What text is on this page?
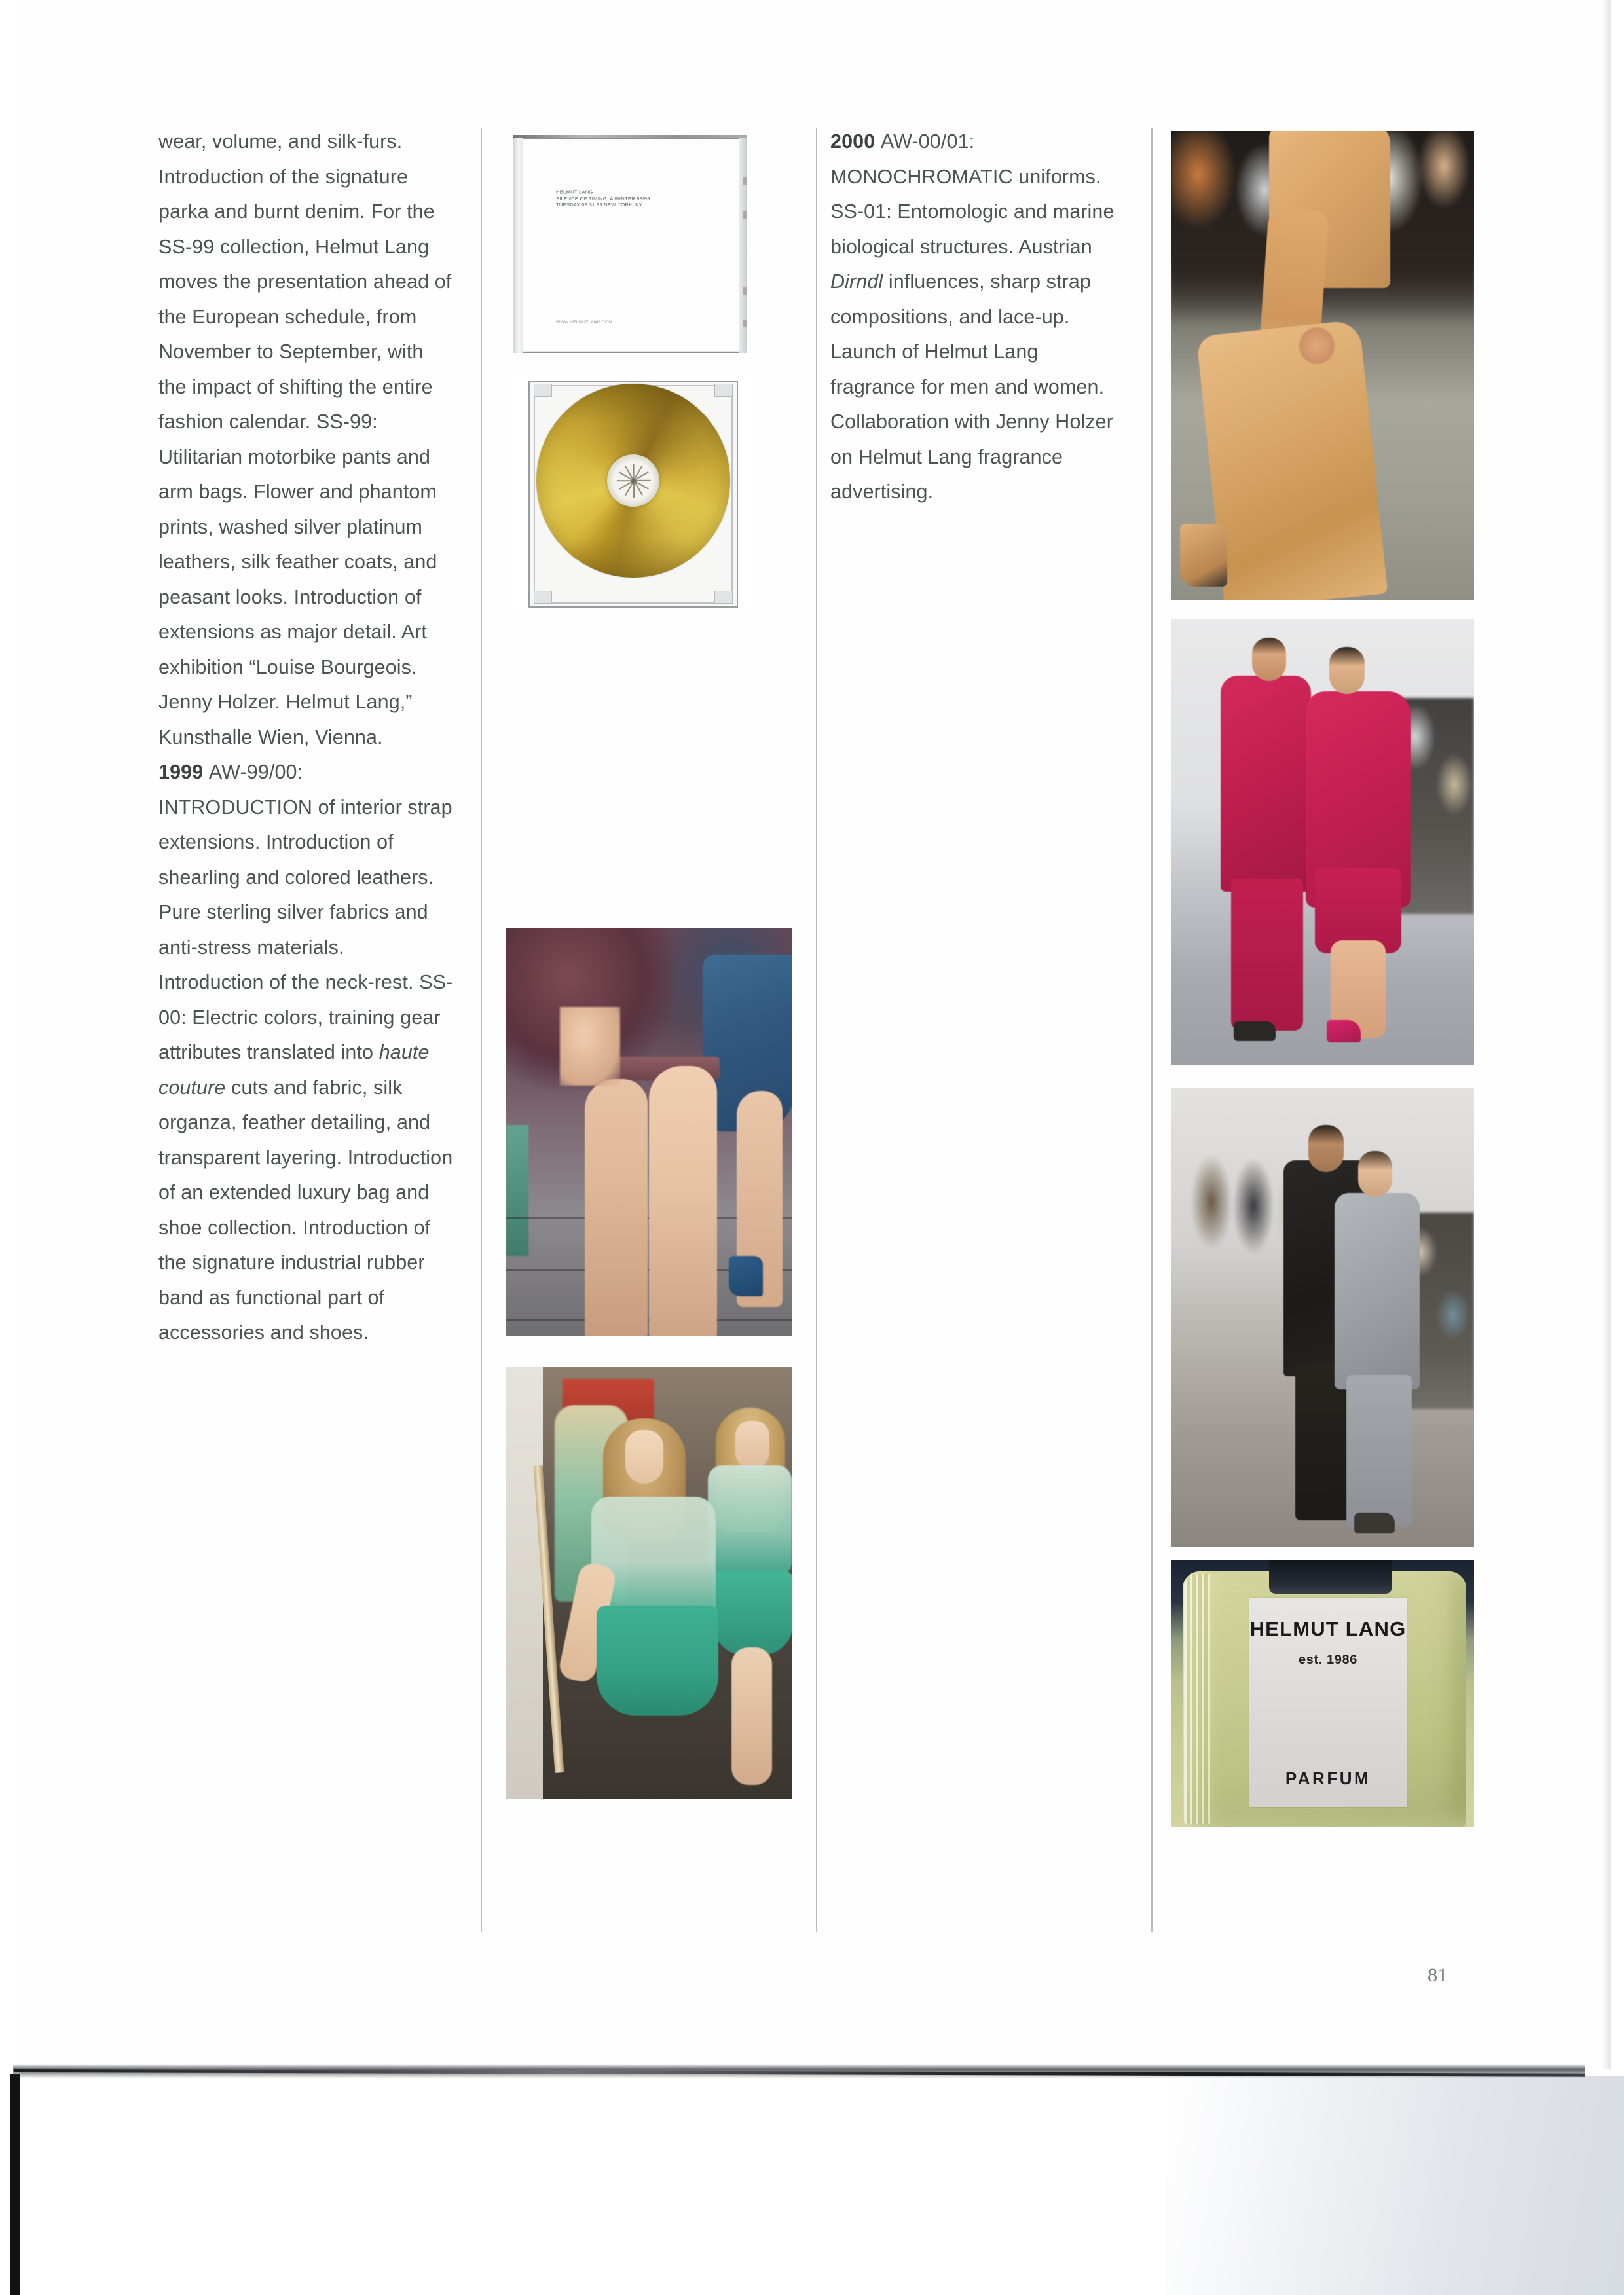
wear, volume, and silk-furs. Introduction of the signature parka and burnt denim. For the SS-99 collection, Helmut Lang moves the presentation ahead of the European schedule, from November to September, with the impact of shifting the entire fashion calendar. SS-99: Utilitarian motorbike pants and arm bags. Flower and phantom prints, washed silver platinum leathers, silk feather coats, and peasant looks. Introduction of extensions as major detail. Art exhibition “Louise Bourgeois. Jenny Holzer. Helmut Lang,” Kunsthalle Wien, Vienna. 1999 AW-99/00: INTRODUCTION of interior strap extensions. Introduction of shearling and colored leathers. Pure sterling silver fabrics and anti-stress materials. Introduction of the neck-rest. SS-00: Electric colors, training gear attributes translated into haute couture cuts and fabric, silk organza, feather detailing, and transparent layering. Introduction of an extended luxury bag and shoe collection. Introduction of the signature industrial rubber band as functional part of accessories and shoes.
HELMUT LANG
SILENCE OF TIMING, A WINTER 98/99
TUESDAY 03.31.99 NEW YORK, NY
WWW.HELMUTLANG.COM
2000 AW-00/01: MONOCHROMATIC uniforms. SS-01: Entomologic and marine biological structures. Austrian Dirndl influences, sharp strap compositions, and lace-up. Launch of Helmut Lang fragrance for men and women. Collaboration with Jenny Holzer on Helmut Lang fragrance advertising.
HELMUT LANG
est. 1986
PARFUM
81
